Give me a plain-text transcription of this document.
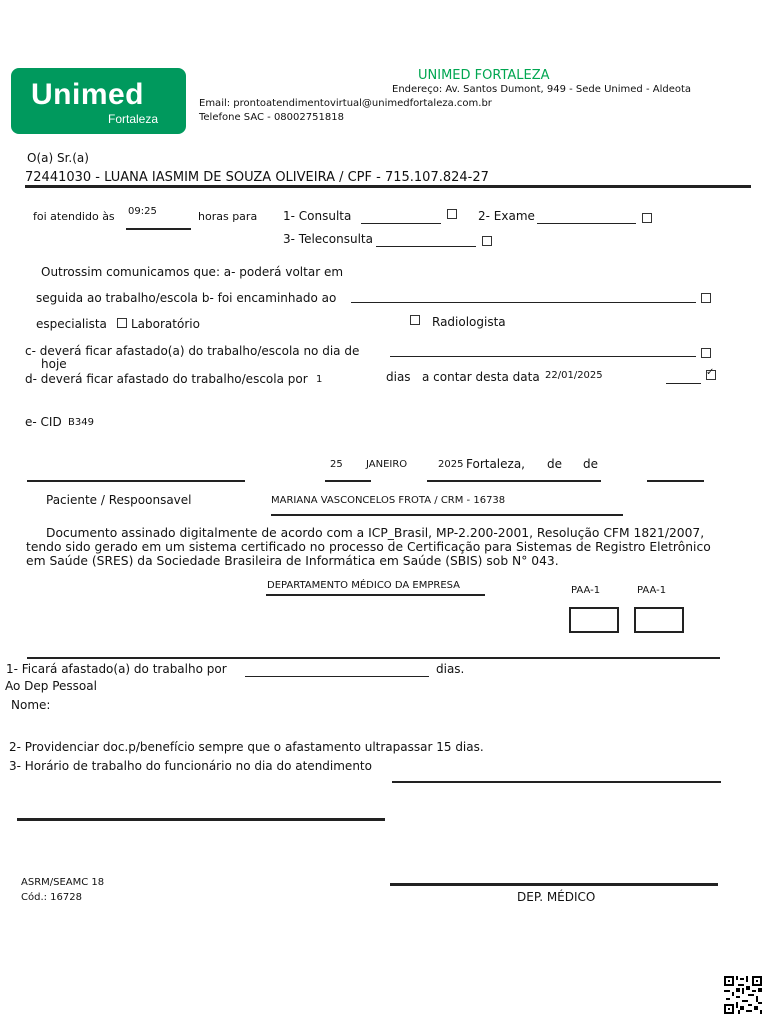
Unimed
Fortaleza
UNIMED FORTALEZA
Endereço: Av. Santos Dumont, 949 - Sede Unimed - Aldeota
Email: prontoatendimentovirtual@unimedfortaleza.com.br
Telefone SAC - 08002751818
O(a) Sr.(a)
72441030 - LUANA IASMIM DE SOUZA OLIVEIRA / CPF - 715.107.824-27
foi atendido às 09:25	horas para 1- Consulta	2- Exame
3- Teleconsulta
Outrossim comunicamos que: a- poderá voltar em
seguida ao trabalho/escola b- foi encaminhado ao
especialista Laboratório	Radiologista
c- deverá ficar afastado(a) do trabalho/escola no dia de
hoje
d- deverá ficar afastado do trabalho/escola por 1	dias a contar desta data 22/01/2025
✓
e- CID B349
25 JANEIRO	2025 Fortaleza, de de
Paciente / Respoonsavel	MARIANA VASCONCELOS FROTA / CRM - 16738
Documento assinado digitalmente de acordo com a ICP_Brasil, MP-2.200-2001, Resolução CFM 1821/2007, tendo sido gerado em um sistema certificado no processo de Certificação para Sistemas de Registro Eletrônico em Saúde (SRES) da Sociedade Brasileira de Informática em Saúde (SBIS) sob N° 043.
DEPARTAMENTO MÉDICO DA EMPRESA	PAA-1	PAA-1
1- Ficará afastado(a) do trabalho por	dias.
Ao Dep Pessoal
Nome:
2- Providenciar doc.p/benefício sempre que o afastamento ultrapassar 15 dias.
3- Horário de trabalho do funcionário no dia do atendimento
ASRM/SEAMC 18
Cód.: 16728	DEP. MÉDICO
